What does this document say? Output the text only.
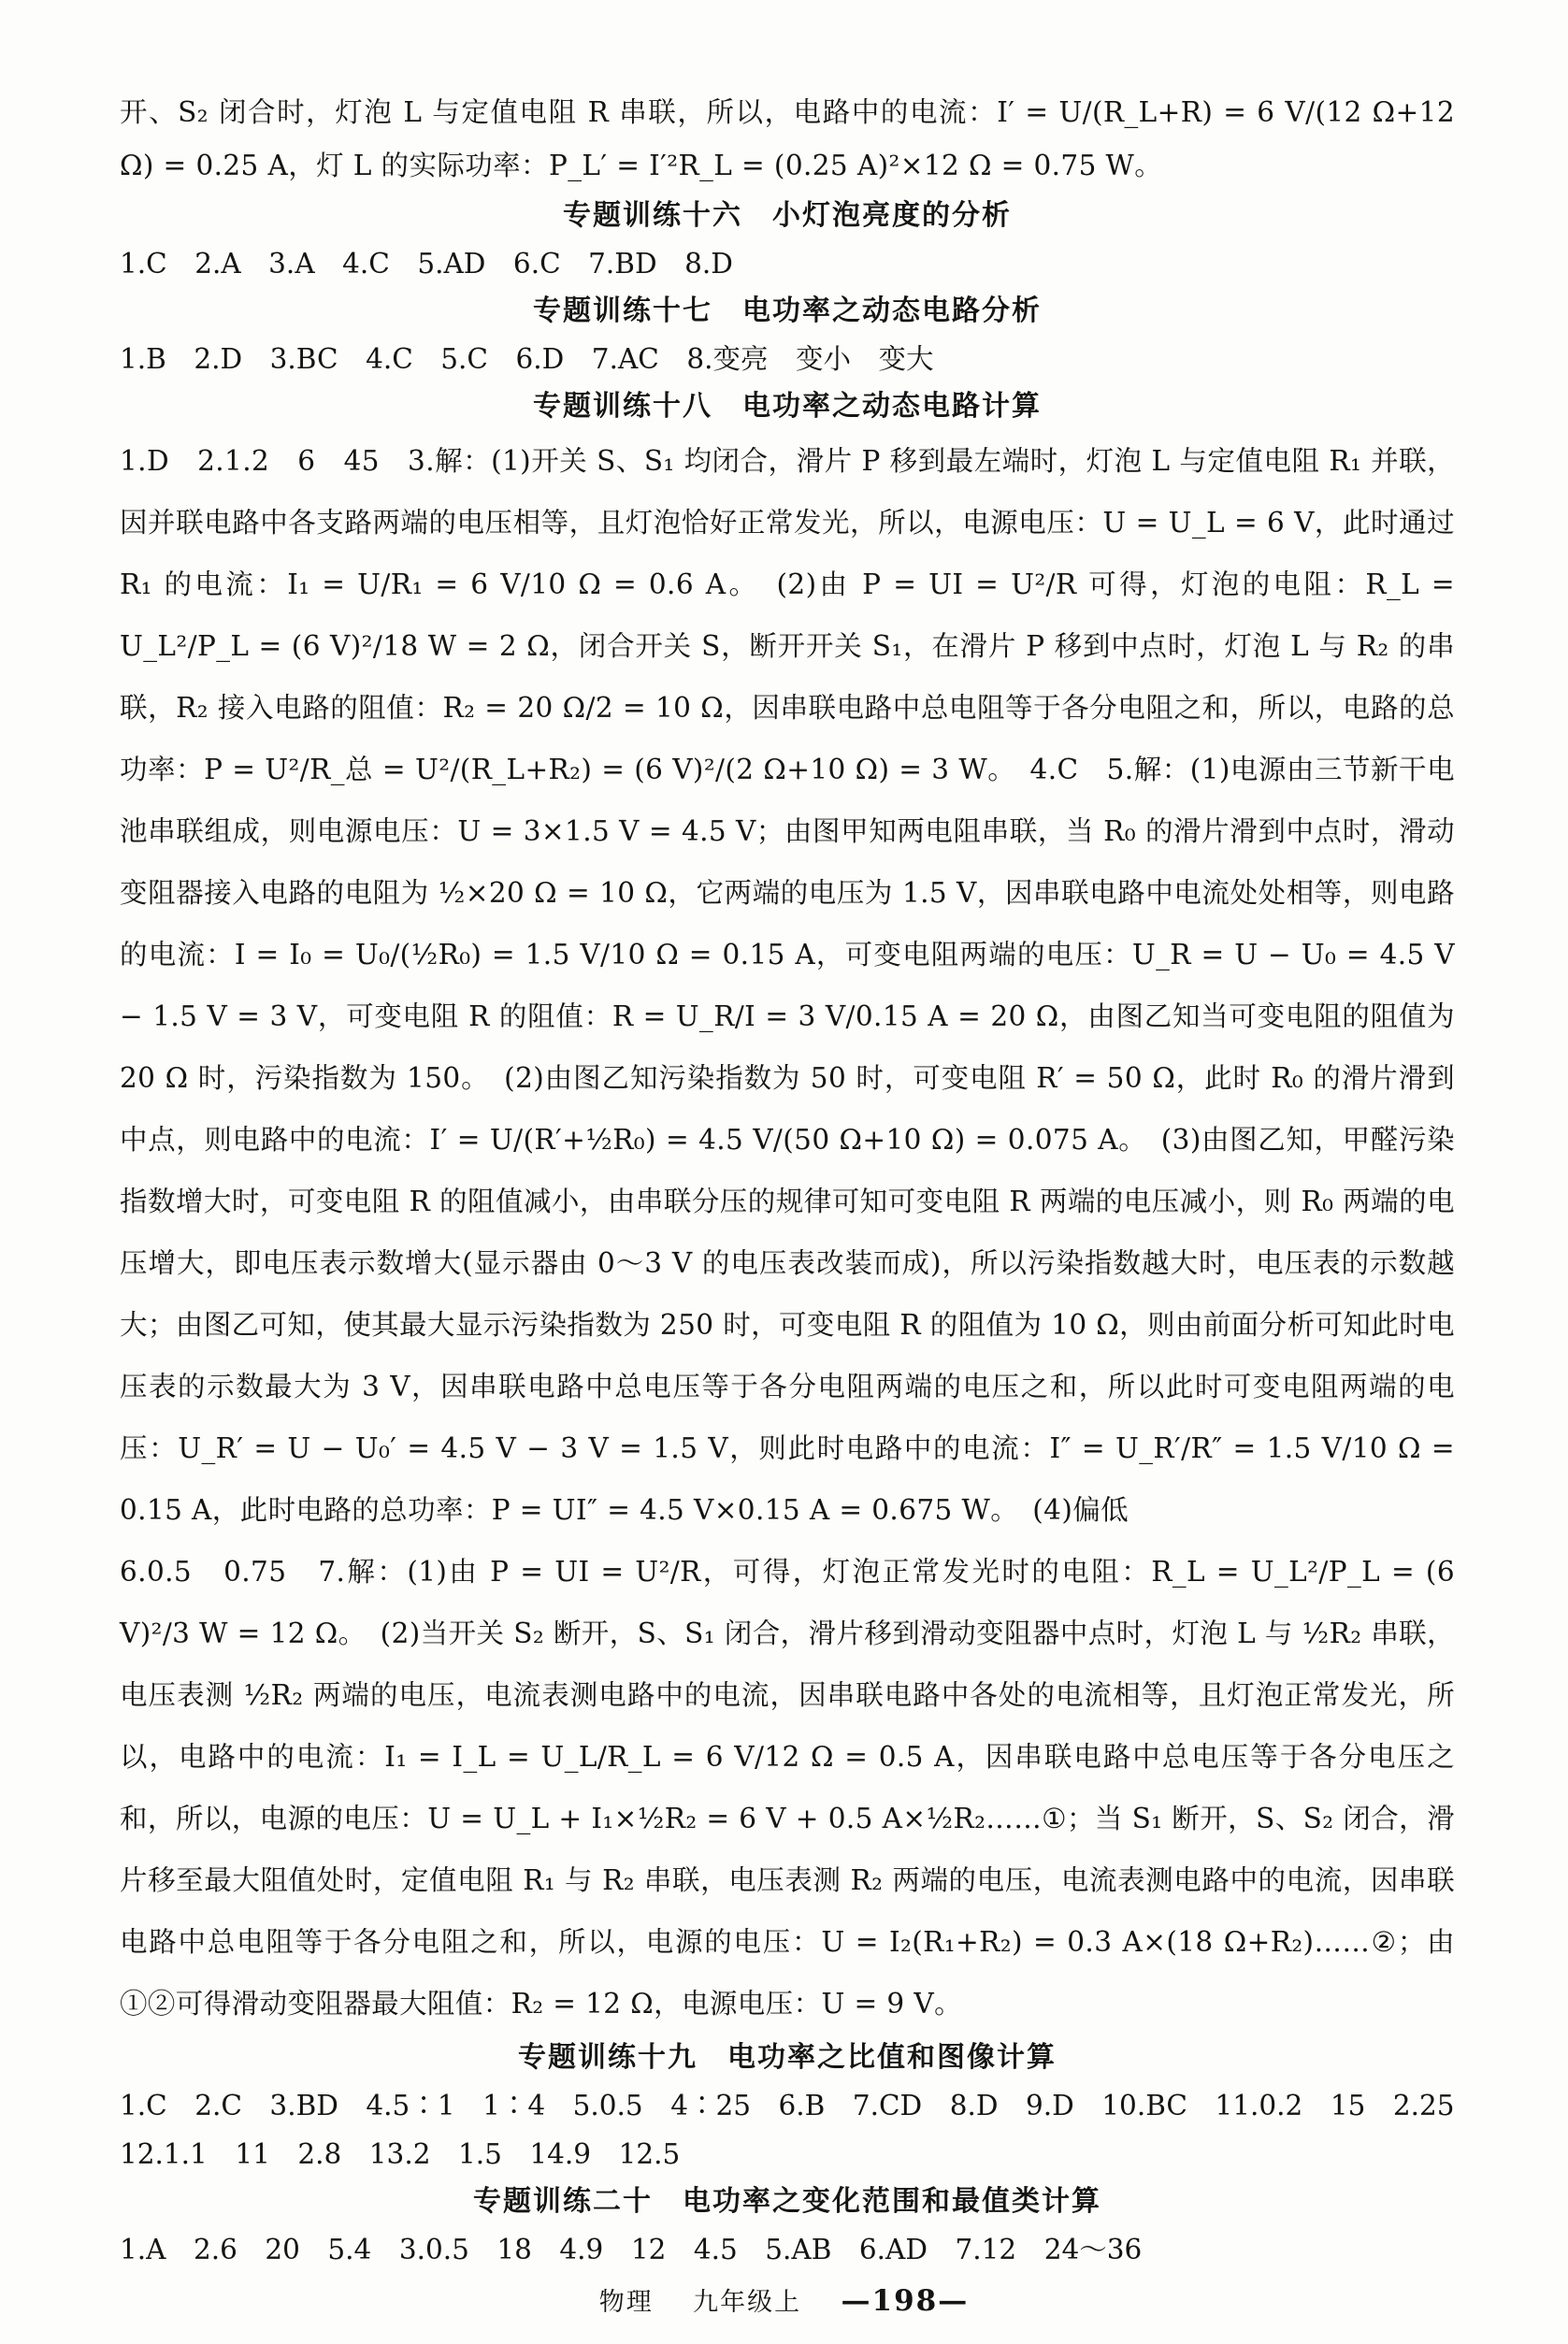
开、S₂ 闭合时，灯泡 L 与定值电阻 R 串联，所以，电路中的电流：I′ = U/(R_L+R) = 6 V/(12 Ω+12 Ω) = 0.25 A，灯 L 的实际功率：P_L′ = I′²R_L = (0.25 A)²×12 Ω = 0.75 W。

专题训练十六　小灯泡亮度的分析

1.C　2.A　3.A　4.C　5.AD　6.C　7.BD　8.D

专题训练十七　电功率之动态电路分析

1.B　2.D　3.BC　4.C　5.C　6.D　7.AC　8.变亮　变小　变大

专题训练十八　电功率之动态电路计算

1.D　2.1.2　6　45　3.解：(1)开关 S、S₁ 均闭合，滑片 P 移到最左端时，灯泡 L 与定值电阻 R₁ 并联，因并联电路中各支路两端的电压相等，且灯泡恰好正常发光，所以，电源电压：U = U_L = 6 V，此时通过 R₁ 的电流：I₁ = U/R₁ = 6 V/10 Ω = 0.6 A。　(2)由 P = UI = U²/R 可得，灯泡的电阻：R_L = U_L²/P_L = (6 V)²/18 W = 2 Ω，闭合开关 S，断开开关 S₁，在滑片 P 移到中点时，灯泡 L 与 R₂ 的串联，R₂ 接入电路的阻值：R₂ = 20 Ω/2 = 10 Ω，因串联电路中总电阻等于各分电阻之和，所以，电路的总功率：P = U²/R_总 = U²/(R_L+R₂) = (6 V)²/(2 Ω+10 Ω) = 3 W。　4.C　5.解：(1)电源由三节新干电池串联组成，则电源电压：U = 3×1.5 V = 4.5 V；由图甲知两电阻串联，当 R₀ 的滑片滑到中点时，滑动变阻器接入电路的电阻为 ½×20 Ω = 10 Ω，它两端的电压为 1.5 V，因串联电路中电流处处相等，则电路的电流：I = I₀ = U₀/(½R₀) = 1.5 V/10 Ω = 0.15 A，可变电阻两端的电压：U_R = U − U₀ = 4.5 V − 1.5 V = 3 V，可变电阻 R 的阻值：R = U_R/I = 3 V/0.15 A = 20 Ω，由图乙知当可变电阻的阻值为 20 Ω 时，污染指数为 150。　(2)由图乙知污染指数为 50 时，可变电阻 R′ = 50 Ω，此时 R₀ 的滑片滑到中点，则电路中的电流：I′ = U/(R′+½R₀) = 4.5 V/(50 Ω+10 Ω) = 0.075 A。　(3)由图乙知，甲醛污染指数增大时，可变电阻 R 的阻值减小，由串联分压的规律可知可变电阻 R 两端的电压减小，则 R₀ 两端的电压增大，即电压表示数增大(显示器由 0～3 V 的电压表改装而成)，所以污染指数越大时，电压表的示数越大；由图乙可知，使其最大显示污染指数为 250 时，可变电阻 R 的阻值为 10 Ω，则由前面分析可知此时电压表的示数最大为 3 V，因串联电路中总电压等于各分电阻两端的电压之和，所以此时可变电阻两端的电压：U_R′ = U − U₀′ = 4.5 V − 3 V = 1.5 V，则此时电路中的电流：I″ = U_R′/R″ = 1.5 V/10 Ω = 0.15 A，此时电路的总功率：P = UI″ = 4.5 V×0.15 A = 0.675 W。　(4)偏低

6.0.5　0.75　7.解：(1)由 P = UI = U²/R，可得，灯泡正常发光时的电阻：R_L = U_L²/P_L = (6 V)²/3 W = 12 Ω。　(2)当开关 S₂ 断开，S、S₁ 闭合，滑片移到滑动变阻器中点时，灯泡 L 与 ½R₂ 串联，电压表测 ½R₂ 两端的电压，电流表测电路中的电流，因串联电路中各处的电流相等，且灯泡正常发光，所以，电路中的电流：I₁ = I_L = U_L/R_L = 6 V/12 Ω = 0.5 A，因串联电路中总电压等于各分电压之和，所以，电源的电压：U = U_L + I₁×½R₂ = 6 V + 0.5 A×½R₂……①；当 S₁ 断开，S、S₂ 闭合，滑片移至最大阻值处时，定值电阻 R₁ 与 R₂ 串联，电压表测 R₂ 两端的电压，电流表测电路中的电流，因串联电路中总电阻等于各分电阻之和，所以，电源的电压：U = I₂(R₁+R₂) = 0.3 A×(18 Ω+R₂)……②；由①②可得滑动变阻器最大阻值：R₂ = 12 Ω，电源电压：U = 9 V。

专题训练十九　电功率之比值和图像计算

1.C　2.C　3.BD　4.5∶1　1∶4　5.0.5　4∶25　6.B　7.CD　8.D　9.D　10.BC　11.0.2　15　2.25　12.1.1　11　2.8　13.2　1.5　14.9　12.5

专题训练二十　电功率之变化范围和最值类计算

1.A　2.6　20　5.4　3.0.5　18　4.9　12　4.5　5.AB　6.AD　7.12　24～36

物理 九年级上 —198—
